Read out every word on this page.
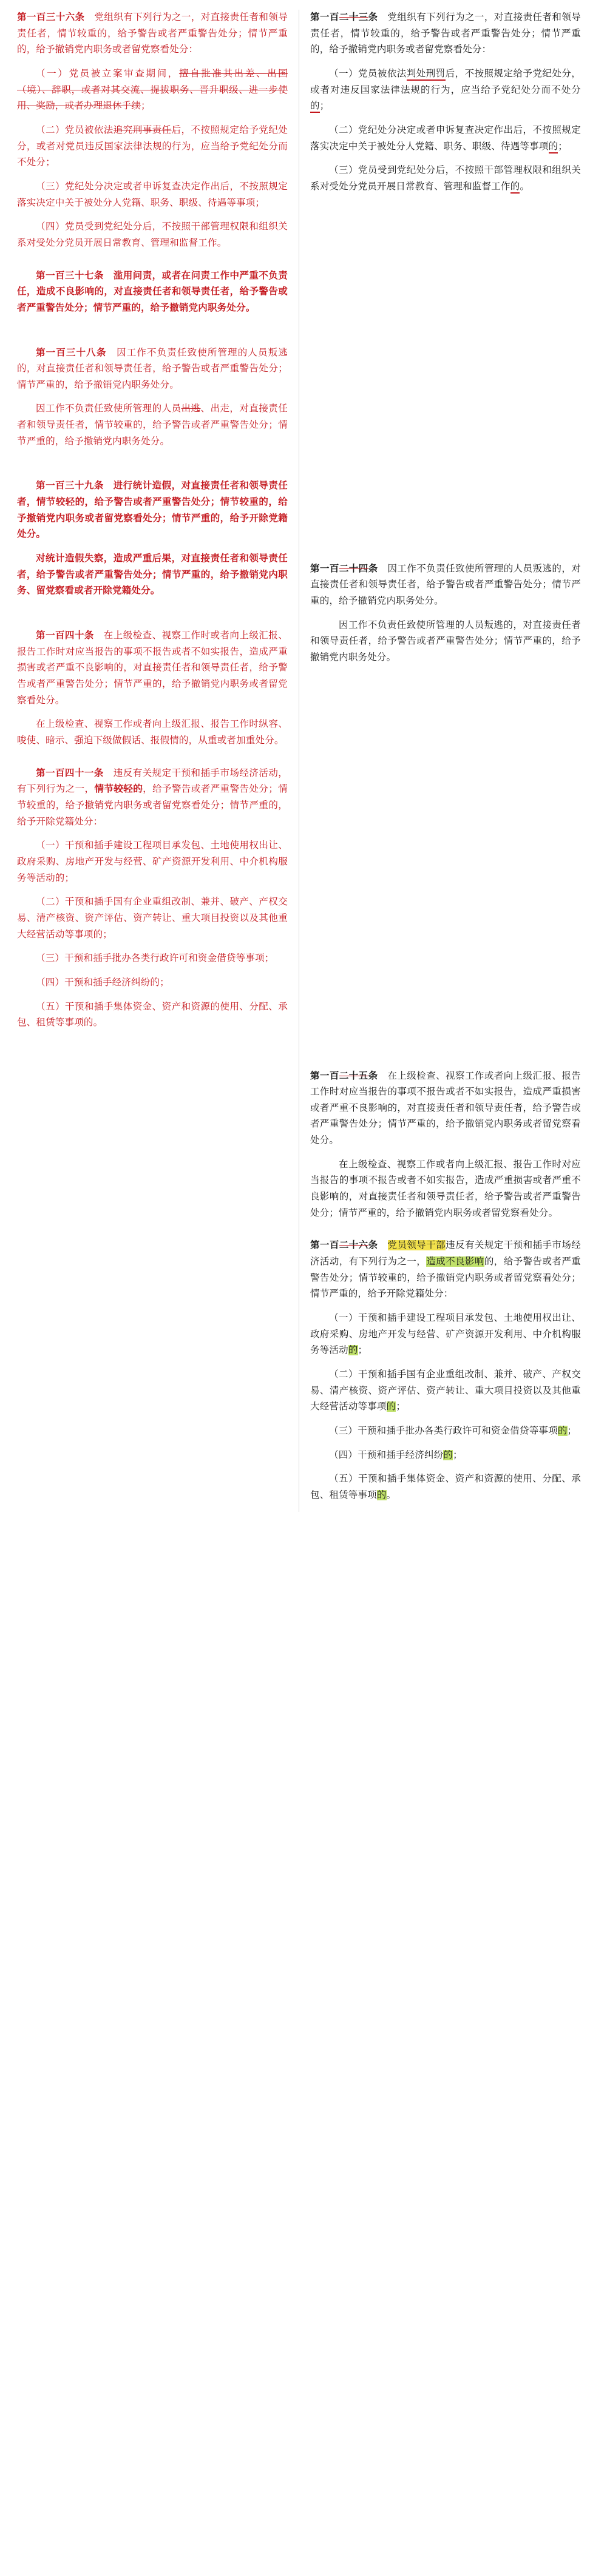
第一百三十六条　党组织有下列行为之一，对直接责任者和领导责任者，情节较重的，给予警告或者严重警告处分；情节严重的，给予撤销党内职务或者留党察看处分：

（一）党员被立案审查期间，擅自批准其出差、出国（境）、辞职，或者对其交流、提拔职务、晋升职级、进一步使用、奖励，或者办理退休手续；

（二）党员被依法追究刑事责任后，不按照规定给予党纪处分，或者对党员违反国家法律法规的行为，应当给予党纪处分而不处分；

（三）党纪处分决定或者申诉复查决定作出后，不按照规定落实决定中关于被处分人党籍、职务、职级、待遇等事项；

（四）党员受到党纪处分后，不按照干部管理权限和组织关系对受处分党员开展日常教育、管理和监督工作。

第一百三十七条　滥用问责，或者在问责工作中严重不负责任，造成不良影响的，对直接责任者和领导责任者，给予警告或者严重警告处分；情节严重的，给予撤销党内职务处分。

第一百三十八条　因工作不负责任致使所管理的人员叛逃的，对直接责任者和领导责任者，给予警告或者严重警告处分；情节严重的，给予撤销党内职务处分。

因工作不负责任致使所管理的人员出逃、出走，对直接责任者和领导责任者，情节较重的，给予警告或者严重警告处分；情节严重的，给予撤销党内职务处分。

第一百三十九条　进行统计造假，对直接责任者和领导责任者，情节较轻的，给予警告或者严重警告处分；情节较重的，给予撤销党内职务或者留党察看处分；情节严重的，给予开除党籍处分。

对统计造假失察，造成严重后果，对直接责任者和领导责任者，给予警告或者严重警告处分；情节严重的，给予撤销党内职务、留党察看或者开除党籍处分。

第一百四十条　在上级检查、视察工作时或者向上级汇报、报告工作时对应当报告的事项不报告或者不如实报告，造成严重损害或者严重不良影响的，对直接责任者和领导责任者，给予警告或者严重警告处分；情节严重的，给予撤销党内职务或者留党察看处分。

在上级检查、视察工作或者向上级汇报、报告工作时纵容、唆使、暗示、强迫下级做假话、报假情的，从重或者加重处分。

第一百四十一条　违反有关规定干预和插手市场经济活动，有下列行为之一，情节较轻的，给予警告或者严重警告处分；情节较重的，给予撤销党内职务或者留党察看处分；情节严重的，给予开除党籍处分：

（一）干预和插手建设工程项目承发包、土地使用权出让、政府采购、房地产开发与经营、矿产资源开发利用、中介机构服务等活动的；

（二）干预和插手国有企业重组改制、兼并、破产、产权交易、清产核资、资产评估、资产转让、重大项目投资以及其他重大经营活动等事项的；

（三）干预和插手批办各类行政许可和资金借贷等事项；

（四）干预和插手经济纠纷的；

（五）干预和插手集体资金、资产和资源的使用、分配、承包、租赁等事项的。

第一百二十三条　党组织有下列行为之一，对直接责任者和领导责任者，情节较重的，给予警告或者严重警告处分；情节严重的，给予撤销党内职务或者留党察看处分：

（一）党员被依法判处刑罚后，不按照规定给予党纪处分，或者对违反国家法律法规的行为，应当给予党纪处分而不处分的；

（二）党纪处分决定或者申诉复查决定作出后，不按照规定落实决定中关于被处分人党籍、职务、职级、待遇等事项的；

（三）党员受到党纪处分后，不按照干部管理权限和组织关系对受处分党员开展日常教育、管理和监督工作的。

第一百二十四条　因工作不负责任致使所管理的人员叛逃的，对直接责任者和领导责任者，给予警告或者严重警告处分；情节严重的，给予撤销党内职务处分。

　因工作不负责任致使所管理的人员叛逃的，对直接责任者和领导责任者，给予警告或者严重警告处分；情节严重的，给予撤销党内职务处分。

第一百二十五条　在上级检查、视察工作或者向上级汇报、报告工作时对应当报告的事项不报告或者不如实报告，造成严重损害或者严重不良影响的，对直接责任者和领导责任者，给予警告或者严重警告处分；情节严重的，给予撤销党内职务或者留党察看处分。

　在上级检查、视察工作或者向上级汇报、报告工作时对应当报告的事项不报告或者不如实报告，造成严重损害或者严重不良影响的，对直接责任者和领导责任者，给予警告或者严重警告处分；情节严重的，给予撤销党内职务或者留党察看处分。

第一百二十六条　 党员领导干部违反有关规定干预和插手市场经济活动，有下列行为之一，造成不良影响的，给予警告或者严重警告处分；情节较重的，给予撤销党内职务或者留党察看处分；情节严重的，给予开除党籍处分：

（一）干预和插手建设工程项目承发包、土地使用权出让、政府采购、房地产开发与经营、矿产资源开发利用、中介机构服务等活动的；

（二）干预和插手国有企业重组改制、兼并、破产、产权交易、清产核资、资产评估、资产转让、重大项目投资以及其他重大经营活动等事项的；

（三）干预和插手批办各类行政许可和资金借贷等事项的；

（四）干预和插手经济纠纷的；

（五）干预和插手集体资金、资产和资源的使用、分配、承包、租赁等事项的。
